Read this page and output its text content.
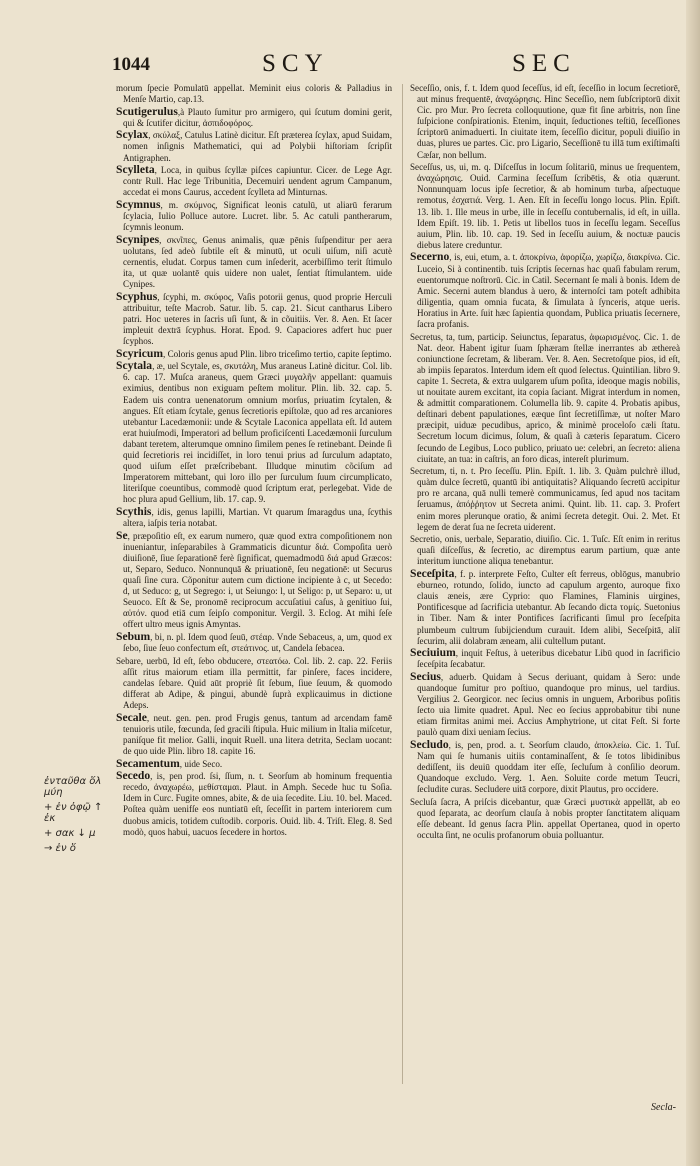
1044	SCY	SEC
ἐνταῦθα ὅλ μύη
+ ἐν ὀφῷ ↑ ἐκ
+ σακ ↓ μ
→ ἐν ὅ
morum ſpecie Pomulatū appellat. Meminit eius coloris & Palladius in Menſe Martio, cap.13.
Scutigerulus,à Plauto ſumitur pro armigero, qui ſcutum domini gerit, qui & ſcutifer dicitur, ἀσπιδοφόρος.
Scylax, σκύλαξ, Catulus Latinè dicitur. Eſt præterea ſcylax, apud Suidam, nomen inſignis Mathematici, qui ad Polybii hiſtoriam ſcripſit Antigraphen.
Scylleta, Loca, in quibus ſcyllæ piſces capiuntur. Cicer. de Lege Agr. contr Rull. Hac lege Tribunitia, Decemuiri uendent agrum Campanum, accedat ei mons Caurus, accedent ſcylleta ad Minturnas.
Scymnus, m. σκύμνος, Significat leonis catulū, ut aliarū ferarum ſcylacia, Iulio Polluce autore. Lucret. libr. 5. Ac catuli pantherarum, ſcymnis leonum.
Scynipes, σκνῖπες, Genus animalis, quæ pēnis ſuſpenditur per aera uolutans, ſed adeò ſubtile eſt & minutū, ut oculi uiſum, niſi acutè cernentis, eludat. Corpus tamen cum inſederit, acerbiſſimo terit ſtimulo ita, ut quæ uolantē quis uidere non ualet, ſentiat ſtimulantem. uide Cynipes.
Scyphus, ſcyphi, m. σκύφος, Vaſis potorii genus, quod proprie Herculi attribuitur, teſte Macrob. Satur. lib. 5. cap. 21. Sicut cantharus Libero patri. Hoc ueteres in ſacris uſi ſunt, & in cõuitiis. Ver. 8. Aen. Et ſacer impleuit dextrā ſcyphus. Horat. Epod. 9. Capaciores adfert huc puer ſcyphos.
Scyricum, Coloris genus apud Plin. libro triceſimo tertio, capite ſeptimo.
Scytala, æ, uel Scytale, es, σκυτάλη, Mus araneus Latinè dicitur. Col. lib. 6. cap. 17. Muſca araneus, quem Græci μυγαλῆν appellant: quamuis eximius, dentibus non exiguam peſtem molitur. Plin. lib. 32. cap. 5. Eadem uis contra uenenatorum omnium morſus, priuatim ſcytalen, & angues. Eſt etiam ſcytale, genus ſecretioris epiſtolæ, quo ad res arcaniores utebantur Lacedæmonii: unde & Scytale Laconica appellata eſt. Id autem erat huiuſmodi, Imperatori ad bellum proficiſcenti Lacedæmonii ſurculum dabant teretem, alterumque omnino ſimilem penes ſe retinebant. Deinde ſi quid ſecretioris rei incidiſſet, in loro tenui prius ad ſurculum adaptato, quod uiſum eſſet præſcribebant. Illudque minutim cõciſum ad Imperatorem mittebant, qui loro illo per ſurculum ſuum circumplicato, literiſque coeuntibus, commodè quod ſcriptum erat, perlegebat. Vide de hoc plura apud Gellium, lib. 17. cap. 9.
Scythis, idis, genus lapilli, Martian. Vt quarum ſmaragdus una, ſcythis altera, iaſpis teria notabat.
Se, præpoſitio eſt, ex earum numero, quæ quod extra compoſitionem non inueniantur, inſeparabiles à Grammaticis dicuntur διά. Compoſita uerò diuiſionē, ſiue ſeparationē ferè ſignificat, quemadmodū διά apud Græcos: ut, Separo, Seduco. Nonnunquā & priuationē, ſeu negationē: ut Securus quaſi ſine cura. Cõponitur autem cum dictione incipiente à c, ut Secedo: d, ut Seduco: g, ut Segrego: i, ut Seiungo: l, ut Seligo: p, ut Separo: u, ut Seuoco. Eſt & Se, pronomē reciprocum accuſatiui caſus, à genitiuo ſui, αὑτόν. quod etiā cum ſeipſo componitur. Vergil. 3. Eclog. At mihi ſeſe offert ultro meus ignis Amyntas.
Sebum, bi, n. pl. Idem quod ſeuū, στέαρ. Vnde Sebaceus, a, um, quod ex ſebo, ſiue ſeuo confectum eſt, στεάτινος. ut, Candela ſebacea.
Sebare, uerbū, Id eſt, ſebo obducere, στεατόω. Col. lib. 2. cap. 22. Feriis aſſit ritus maiorum etiam illa permittit, far pinſere, faces incidere, candelas ſebare. Quid aūt propriè ſit ſebum, ſiue ſeuum, & quomodo differat ab Adipe, & pingui, abundè ſuprà explicauimus in dictione Adeps.
Secale, neut. gen. pen. prod Frugis genus, tantum ad arcendam famē tenuioris utile, fœcunda, ſed gracili ſtipula. Huic milium in Italia miſcetur, paniſque fit melior. Galli, inquit Ruell. una litera detrita, Seclam uocant: de quo uide Plin. libro 18. capite 16.
Secamentum, uide Seco.
Secedo, is, pen prod. ſsi, ſſum, n. t. Seorſum ab hominum frequentia recedo, ἀναχωρέω, μεθίσταμαι. Plaut. in Amph. Secede huc tu Soſia. Idem in Curc. Fugite omnes, abite, & de uia ſecedite. Liu. 10. bel. Maced. Poſtea quàm uenifſe eos nuntiatū eſt, ſeceſſit in partem interiorem cum duobus amicis, totidem cuſtodib. corporis. Ouid. lib. 4. Triſt. Eleg. 8. Sed modò, quos habui, uacuos ſecedere in hortos.
Seceſſio, onis, f. t. Idem quod ſeceſſus, id eſt, ſeceſſio in locum ſecretiorē, aut minus frequentē, ἀναχώρησις. Hinc Seceſſio, nem ſubſcriptorū dixit Cic. pro Mur. Pro ſecreta colloquutione, quæ fit ſine arbitris, non ſine ſuſpicione conſpirationis. Etenim, inquit, ſeductiones teſtiū, ſeceſſiones ſcriptorū animaduerti. In ciuitate item, ſeceſſio dicitur, populi diuiſio in duas, plures ue partes. Cic. pro Ligario, Seceſſionē tu illā tum exiſtimaſti Cæſar, non bellum.
Seceſſus, us, ui, m. q. Diſceſſus in locum ſolitariū, minus ue ſrequentem, ἀναχώρησις. Ouid. Carmina ſeceſſum ſcribētis, & otia quærunt. Nonnunquam locus ipſe ſecretior, & ab hominum turba, aſpectuque remotus, ἐσχατιά. Verg. 1. Aen. Eſt in ſeceſſu longo locus. Plin. Epiſt. 13. lib. 1. Ille meus in urbe, ille in ſeceſſu contubernalis, id eſt, in uilla. Idem Epiſt. 19. lib. 1. Petis ut libellos tuos in ſeceſſu legam. Seceſſus auium, Plin. lib. 10. cap. 19. Sed in ſeceſſu auium, & noctuæ paucis diebus latere creduntur.
Secerno, is, eui, etum, a. t. ἀποκρίνω, ἀφορίζω, χωρίζω, διακρίνω. Cic. Luceio, Si à continentib. tuis ſcriptis ſecernas hac quaſi fabulam rerum, euentorumque noſtrorū. Cic. in Catil. Secernant ſe mali à bonis. Idem de Amic. Secerni autem blandus à uero, & internoſci tam poteſt adhibita diligentia, quam omnia fucata, & ſimulata à ſynceris, atque ueris. Horatius in Arte. ſuit hæc ſapientia quondam, Publica priuatis ſecernere, ſacra profanis.
Secretus, ta, tum, particip. Seiunctus, ſeparatus, ἀφωρισμένος. Cic. 1. de Nat. deor. Habent igitur ſuam ſphæram ſtellæ inerrantes ab æthereà coniunctione ſecretam, & liberam. Ver. 8. Aen. Secretoſque pios, id eſt, ab impiis ſeparatos. Interdum idem eſt quod ſelectus. Quintilian. libro 9. capite 1. Secreta, & extra uulgarem uſum poſita, ideoque magis nobilis, ut nouitate aurem excitant, ita copia ſaciant. Migrat interdum in nomen, & admittit comparationem. Columella lib. 9. capite 4. Probatis apibus, deſtinari debent papulationes, eæque ſint ſecretiſſimæ, ut noſter Maro præcipit, uiduæ pecudibus, aprico, & minimè proceloſo cæli ſtatu. Secretum locum dicimus, ſolum, & quaſi à cæteris ſeparatum. Cicero ſecundo de Legibus, Loco publico, priuato ue: celebri, an ſecreto: aliena ciuitate, an tua: in caſtris, an foro dicas, intereſt plurimum.
Secretum, ti, n. t. Pro ſeceſſu. Plin. Epiſt. 1. lib. 3. Quàm pulchrè illud, quàm dulce ſecretū, quantū ibi antiquitatis? Aliquando ſecretū accipitur pro re arcana, quā nulli temerè communicamus, ſed apud nos tacitam ſeruamus, ἀπόῤῥητον ut Secreta animi. Quint. lib. 11. cap. 3. Profert enim mores plerunque oratio, & animi ſecreta detegit. Oui. 2. Met. Et legem de derat ſua ne ſecreta uiderent.
Secretio, onis, uerbale, Separatio, diuiſio. Cic. 1. Tuſc. Eſt enim in reritus quaſi diſceſſus, & ſecretio, ac diremptus earum partium, quæ ante interitum iunctione aliqua tenebantur.
Seceſpita, f. p. interprete Feſto, Culter eſt ferreus, oblōgus, manubrio eburneo, rotundo, ſolido, iuncto ad capulum argento, auroque fixo clauis æneis, ære Cyprio: quo Flamines, Flaminis uirgines, Pontificesque ad ſacrificia utebantur. Ab ſecando dicta τομίς. Suetonius in Tiber. Nam & inter Pontifices ſacrificanti ſimul pro ſeceſpita plumbeum cultrum ſubijciendum curauit. Idem alibi, Seceſpitā, aliī ſecurim, alii dolabram æneam, alii cultellum putant.
Seciuium, inquit Feſtus, à ueteribus dicebatur Libū quod in ſacrificio ſeceſpita ſecabatur.
Secius, aduerb. Quidam à Secus deriuant, quidam à Sero: unde quandoque ſumitur pro poſtiuo, quandoque pro minus, uel tardius. Vergilius 2. Georgicor. nec ſecius omnis in unguem, Arboribus poſitis ſecto uia limite quadret. Apul. Nec eo ſecius approbabitur tibi nune etiam firmitas animi mei. Accius Amphytrione, ut citat Feſt. Si forte paulò quam dixi ueniam ſecius.
Secludo, is, pen, prod. a. t. Seorſum claudo, ἀποκλείω. Cic. 1. Tuſ. Nam qui ſe humanis uitiis contaminaſſent, & ſe totos libidinibus dediſſent, iis deuiū quoddam iter eſſe, ſecluſum à conſilio deorum. Quandoque excludo. Verg. 1. Aen. Soluite corde metum Teucri, ſecludite curas. Secludere uitā corpore, dixit Plautus, pro occidere.
Secluſa ſacra, A priſcis dicebantur, quæ Græci μυστικὰ appellāt, ab eo quod ſeparata, ac deorſum clauſa à nobis propter ſanctitatem aliquam eſſe debeant. Id genus ſacra Plin. appellat Opertanea, quod in operto occulta ſint, ne oculis profanorum obuia polluantur.
Secla-
